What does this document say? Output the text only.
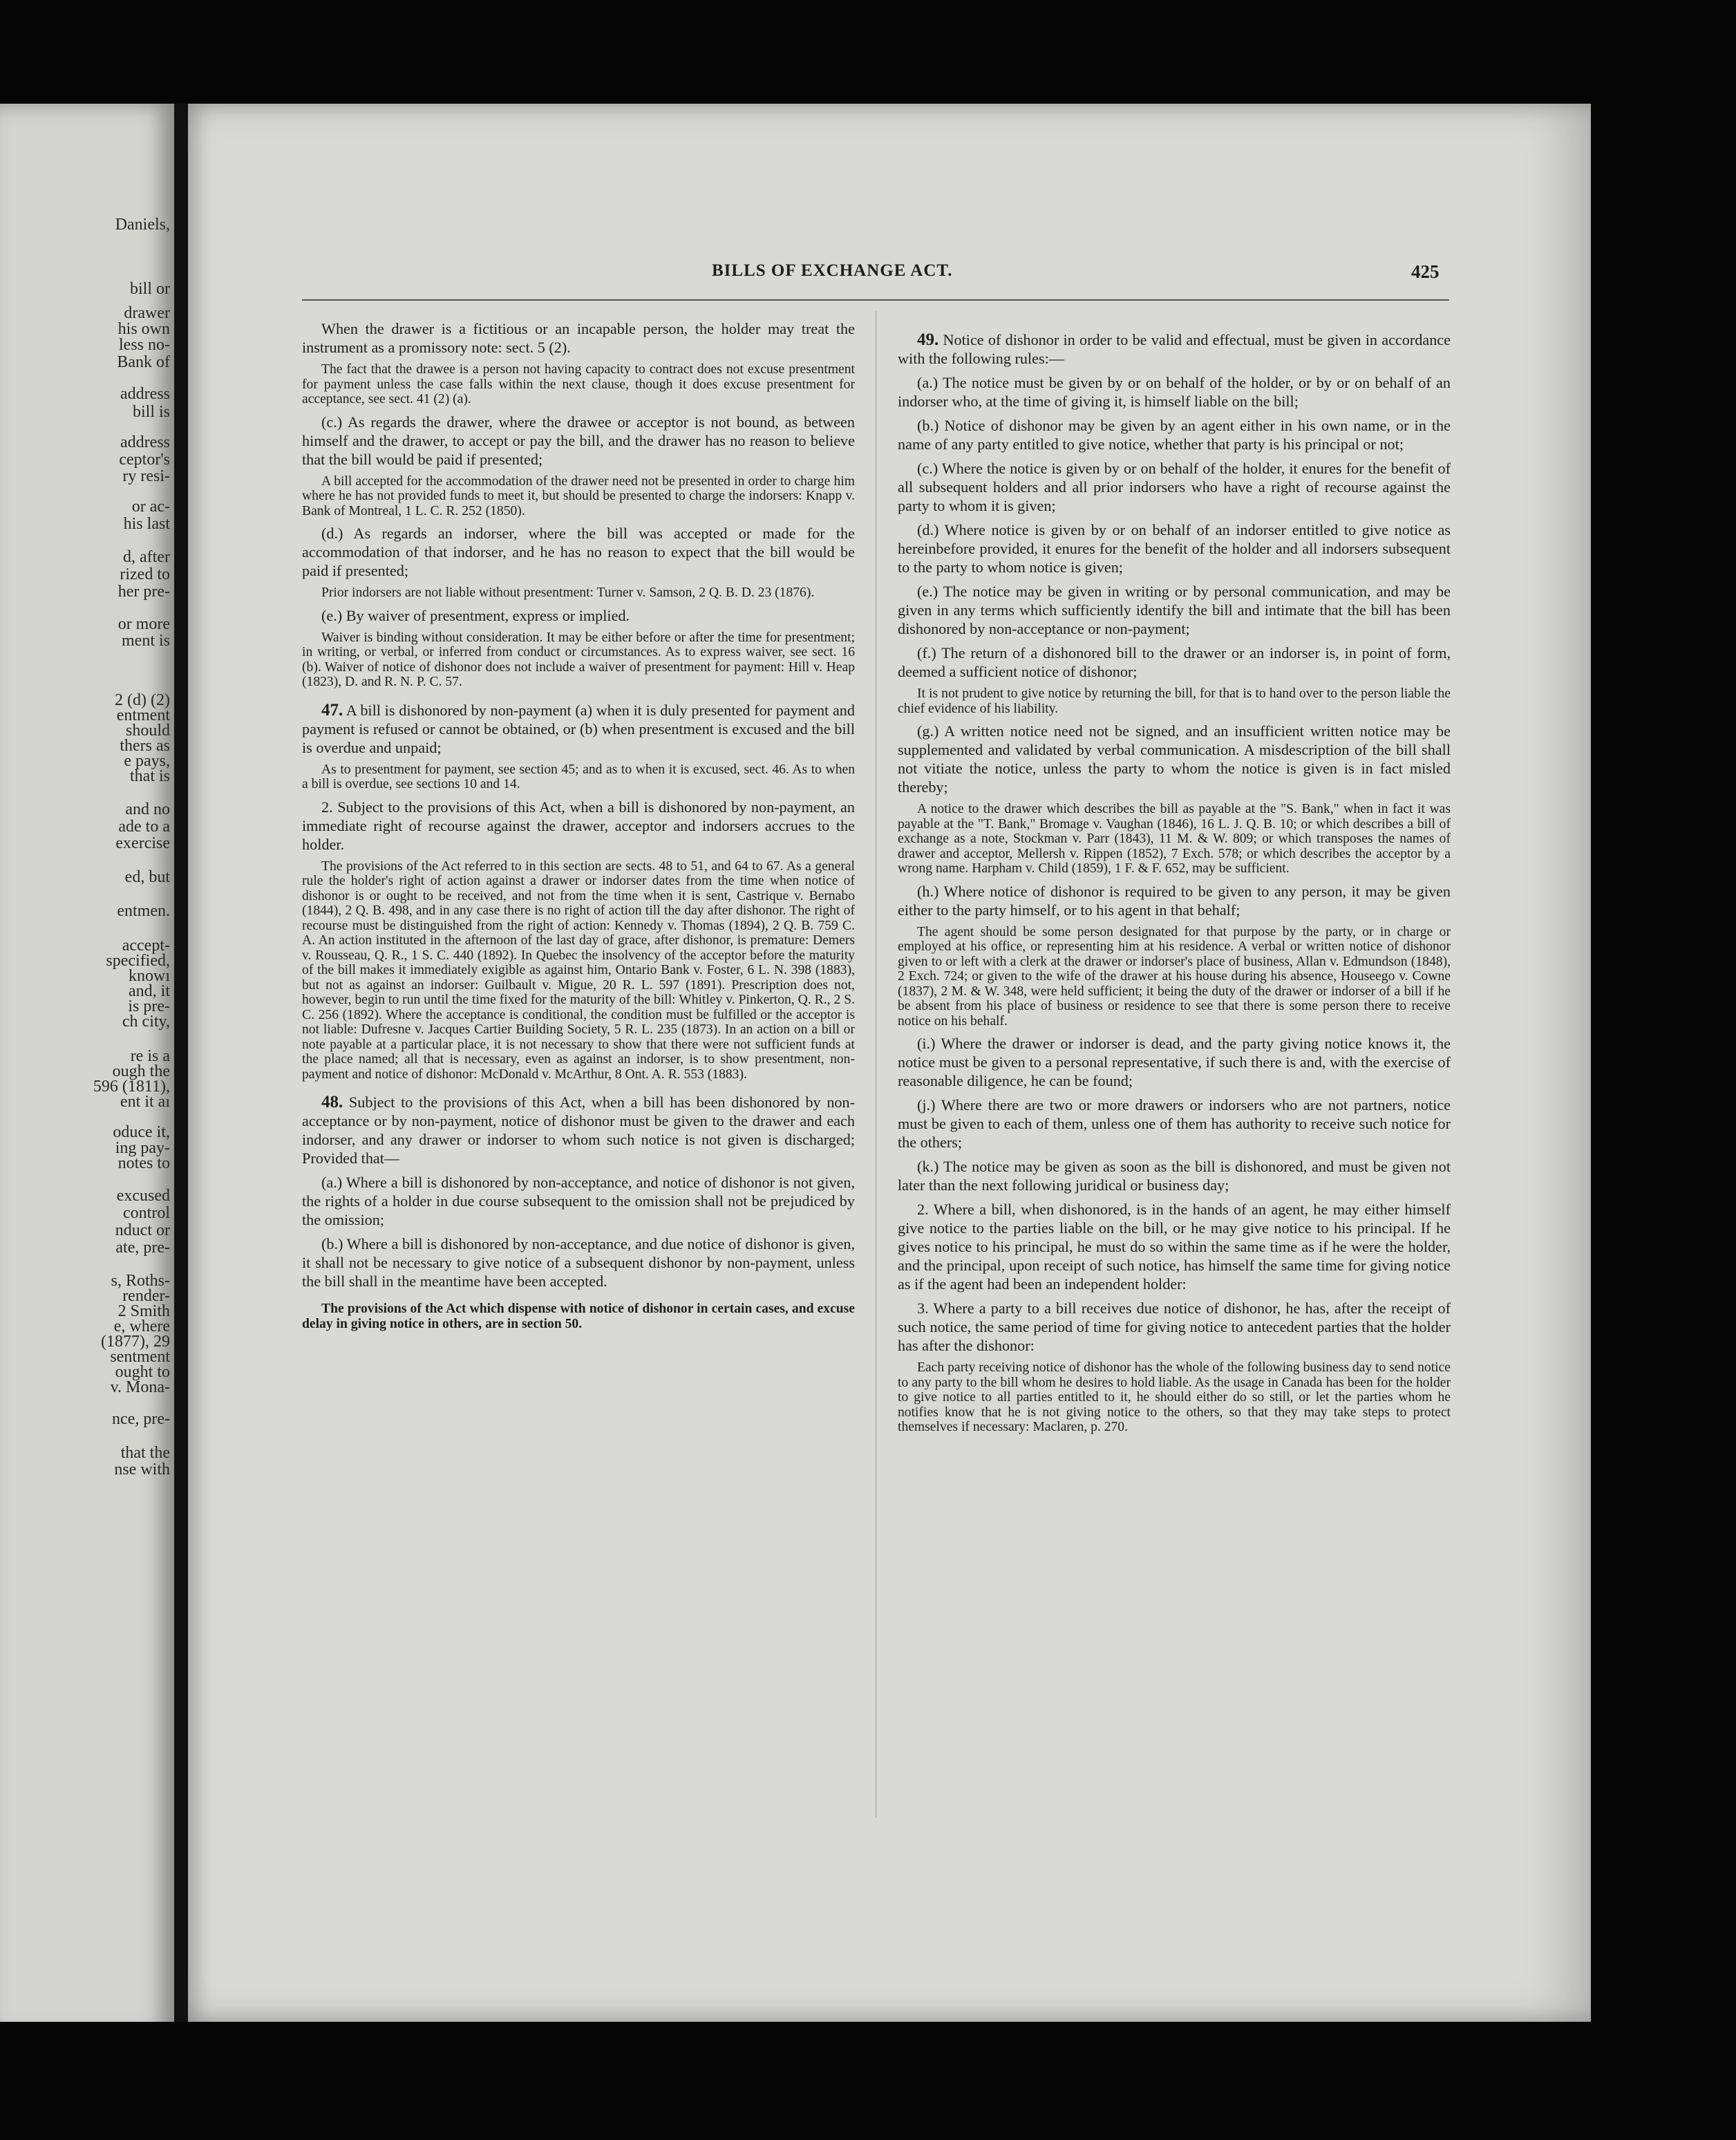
Daniels,
bill or
drawer
his own
less no-
Bank of
address
bill is
address
ceptor's
ry resi-
or ac-
his last
d, after
rized to
her pre-
or more
ment is
2 (d) (2)
entment
should
thers as
e pays,
that is
and no
ade to a
exercise
ed, but
entmen.
accept-
specified,
knowı
and, it
is pre-
ch city,
re is a
ough the
596 (1811),
ent it aı
oduce it,
ing pay-
notes to
excused
control
nduct or
ate, pre-
s, Roths-
render-
2 Smith
e, where
(1877), 29
sentment
ought to
v. Mona-
nce, pre-
that the
nse with
BILLS OF EXCHANGE ACT.	425

When the drawer is a fictitious or an incapable person, the holder may treat the instrument as a promissory note: sect. 5 (2).

The fact that the drawee is a person not having capacity to contract does not excuse presentment for payment unless the case falls within the next clause, though it does excuse presentment for acceptance, see sect. 41 (2) (a).

(c.) As regards the drawer, where the drawee or acceptor is not bound, as between himself and the drawer, to accept or pay the bill, and the drawer has no reason to believe that the bill would be paid if presented;

A bill accepted for the accommodation of the drawer need not be presented in order to charge him where he has not provided funds to meet it, but should be presented to charge the indorsers: Knapp v. Bank of Montreal, 1 L. C. R. 252 (1850).

(d.) As regards an indorser, where the bill was accepted or made for the accommodation of that indorser, and he has no reason to expect that the bill would be paid if presented;

Prior indorsers are not liable without presentment: Turner v. Samson, 2 Q. B. D. 23 (1876).

(e.) By waiver of presentment, express or implied.

Waiver is binding without consideration. It may be either before or after the time for presentment; in writing, or verbal, or inferred from conduct or circumstances. As to express waiver, see sect. 16 (b). Waiver of notice of dishonor does not include a waiver of presentment for payment: Hill v. Heap (1823), D. and R. N. P. C. 57.

47. A bill is dishonored by non-payment (a) when it is duly presented for payment and payment is refused or cannot be obtained, or (b) when presentment is excused and the bill is overdue and unpaid;

As to presentment for payment, see section 45; and as to when it is excused, sect. 46. As to when a bill is overdue, see sections 10 and 14.

2. Subject to the provisions of this Act, when a bill is dishonored by non-payment, an immediate right of recourse against the drawer, acceptor and indorsers accrues to the holder.

The provisions of the Act referred to in this section are sects. 48 to 51, and 64 to 67. As a general rule the holder's right of action against a drawer or indorser dates from the time when notice of dishonor is or ought to be received, and not from the time when it is sent, Castrique v. Bernabo (1844), 2 Q. B. 498, and in any case there is no right of action till the day after dishonor. The right of recourse must be distinguished from the right of action: Kennedy v. Thomas (1894), 2 Q. B. 759 C. A. An action instituted in the afternoon of the last day of grace, after dishonor, is premature: Demers v. Rousseau, Q. R., 1 S. C. 440 (1892). In Quebec the insolvency of the acceptor before the maturity of the bill makes it immediately exigible as against him, Ontario Bank v. Foster, 6 L. N. 398 (1883), but not as against an indorser: Guilbault v. Migue, 20 R. L. 597 (1891). Prescription does not, however, begin to run until the time fixed for the maturity of the bill: Whitley v. Pinkerton, Q. R., 2 S. C. 256 (1892). Where the acceptance is conditional, the condition must be fulfilled or the acceptor is not liable: Dufresne v. Jacques Cartier Building Society, 5 R. L. 235 (1873). In an action on a bill or note payable at a particular place, it is not necessary to show that there were not sufficient funds at the place named; all that is necessary, even as against an indorser, is to show presentment, non-payment and notice of dishonor: McDonald v. McArthur, 8 Ont. A. R. 553 (1883).

48. Subject to the provisions of this Act, when a bill has been dishonored by non-acceptance or by non-payment, notice of dishonor must be given to the drawer and each indorser, and any drawer or indorser to whom such notice is not given is discharged; Provided that—

(a.) Where a bill is dishonored by non-acceptance, and notice of dishonor is not given, the rights of a holder in due course subsequent to the omission shall not be prejudiced by the omission;

(b.) Where a bill is dishonored by non-acceptance, and due notice of dishonor is given, it shall not be necessary to give notice of a subsequent dishonor by non-payment, unless the bill shall in the meantime have been accepted.

The provisions of the Act which dispense with notice of dishonor in certain cases, and excuse delay in giving notice in others, are in section 50.

49. Notice of dishonor in order to be valid and effectual, must be given in accordance with the following rules:—

(a.) The notice must be given by or on behalf of the holder, or by or on behalf of an indorser who, at the time of giving it, is himself liable on the bill;

(b.) Notice of dishonor may be given by an agent either in his own name, or in the name of any party entitled to give notice, whether that party is his principal or not;

(c.) Where the notice is given by or on behalf of the holder, it enures for the benefit of all subsequent holders and all prior indorsers who have a right of recourse against the party to whom it is given;

(d.) Where notice is given by or on behalf of an indorser entitled to give notice as hereinbefore provided, it enures for the benefit of the holder and all indorsers subsequent to the party to whom notice is given;

(e.) The notice may be given in writing or by personal communication, and may be given in any terms which sufficiently identify the bill and intimate that the bill has been dishonored by non-acceptance or non-payment;

(f.) The return of a dishonored bill to the drawer or an indorser is, in point of form, deemed a sufficient notice of dishonor;

It is not prudent to give notice by returning the bill, for that is to hand over to the person liable the chief evidence of his liability.

(g.) A written notice need not be signed, and an insufficient written notice may be supplemented and validated by verbal communication. A misdescription of the bill shall not vitiate the notice, unless the party to whom the notice is given is in fact misled thereby;

A notice to the drawer which describes the bill as payable at the "S. Bank," when in fact it was payable at the "T. Bank," Bromage v. Vaughan (1846), 16 L. J. Q. B. 10; or which describes a bill of exchange as a note, Stockman v. Parr (1843), 11 M. & W. 809; or which transposes the names of drawer and acceptor, Mellersh v. Rippen (1852), 7 Exch. 578; or which describes the acceptor by a wrong name. Harpham v. Child (1859), 1 F. & F. 652, may be sufficient.

(h.) Where notice of dishonor is required to be given to any person, it may be given either to the party himself, or to his agent in that behalf;

The agent should be some person designated for that purpose by the party, or in charge or employed at his office, or representing him at his residence. A verbal or written notice of dishonor given to or left with a clerk at the drawer or indorser's place of business, Allan v. Edmundson (1848), 2 Exch. 724; or given to the wife of the drawer at his house during his absence, Houseego v. Cowne (1837), 2 M. & W. 348, were held sufficient; it being the duty of the drawer or indorser of a bill if he be absent from his place of business or residence to see that there is some person there to receive notice on his behalf.

(i.) Where the drawer or indorser is dead, and the party giving notice knows it, the notice must be given to a personal representative, if such there is and, with the exercise of reasonable diligence, he can be found;

(j.) Where there are two or more drawers or indorsers who are not partners, notice must be given to each of them, unless one of them has authority to receive such notice for the others;

(k.) The notice may be given as soon as the bill is dishonored, and must be given not later than the next following juridical or business day;

2. Where a bill, when dishonored, is in the hands of an agent, he may either himself give notice to the parties liable on the bill, or he may give notice to his principal. If he gives notice to his principal, he must do so within the same time as if he were the holder, and the principal, upon receipt of such notice, has himself the same time for giving notice as if the agent had been an independent holder:

3. Where a party to a bill receives due notice of dishonor, he has, after the receipt of such notice, the same period of time for giving notice to antecedent parties that the holder has after the dishonor:

Each party receiving notice of dishonor has the whole of the following business day to send notice to any party to the bill whom he desires to hold liable. As the usage in Canada has been for the holder to give notice to all parties entitled to it, he should either do so still, or let the parties whom he notifies know that he is not giving notice to the others, so that they may take steps to protect themselves if necessary: Maclaren, p. 270.
